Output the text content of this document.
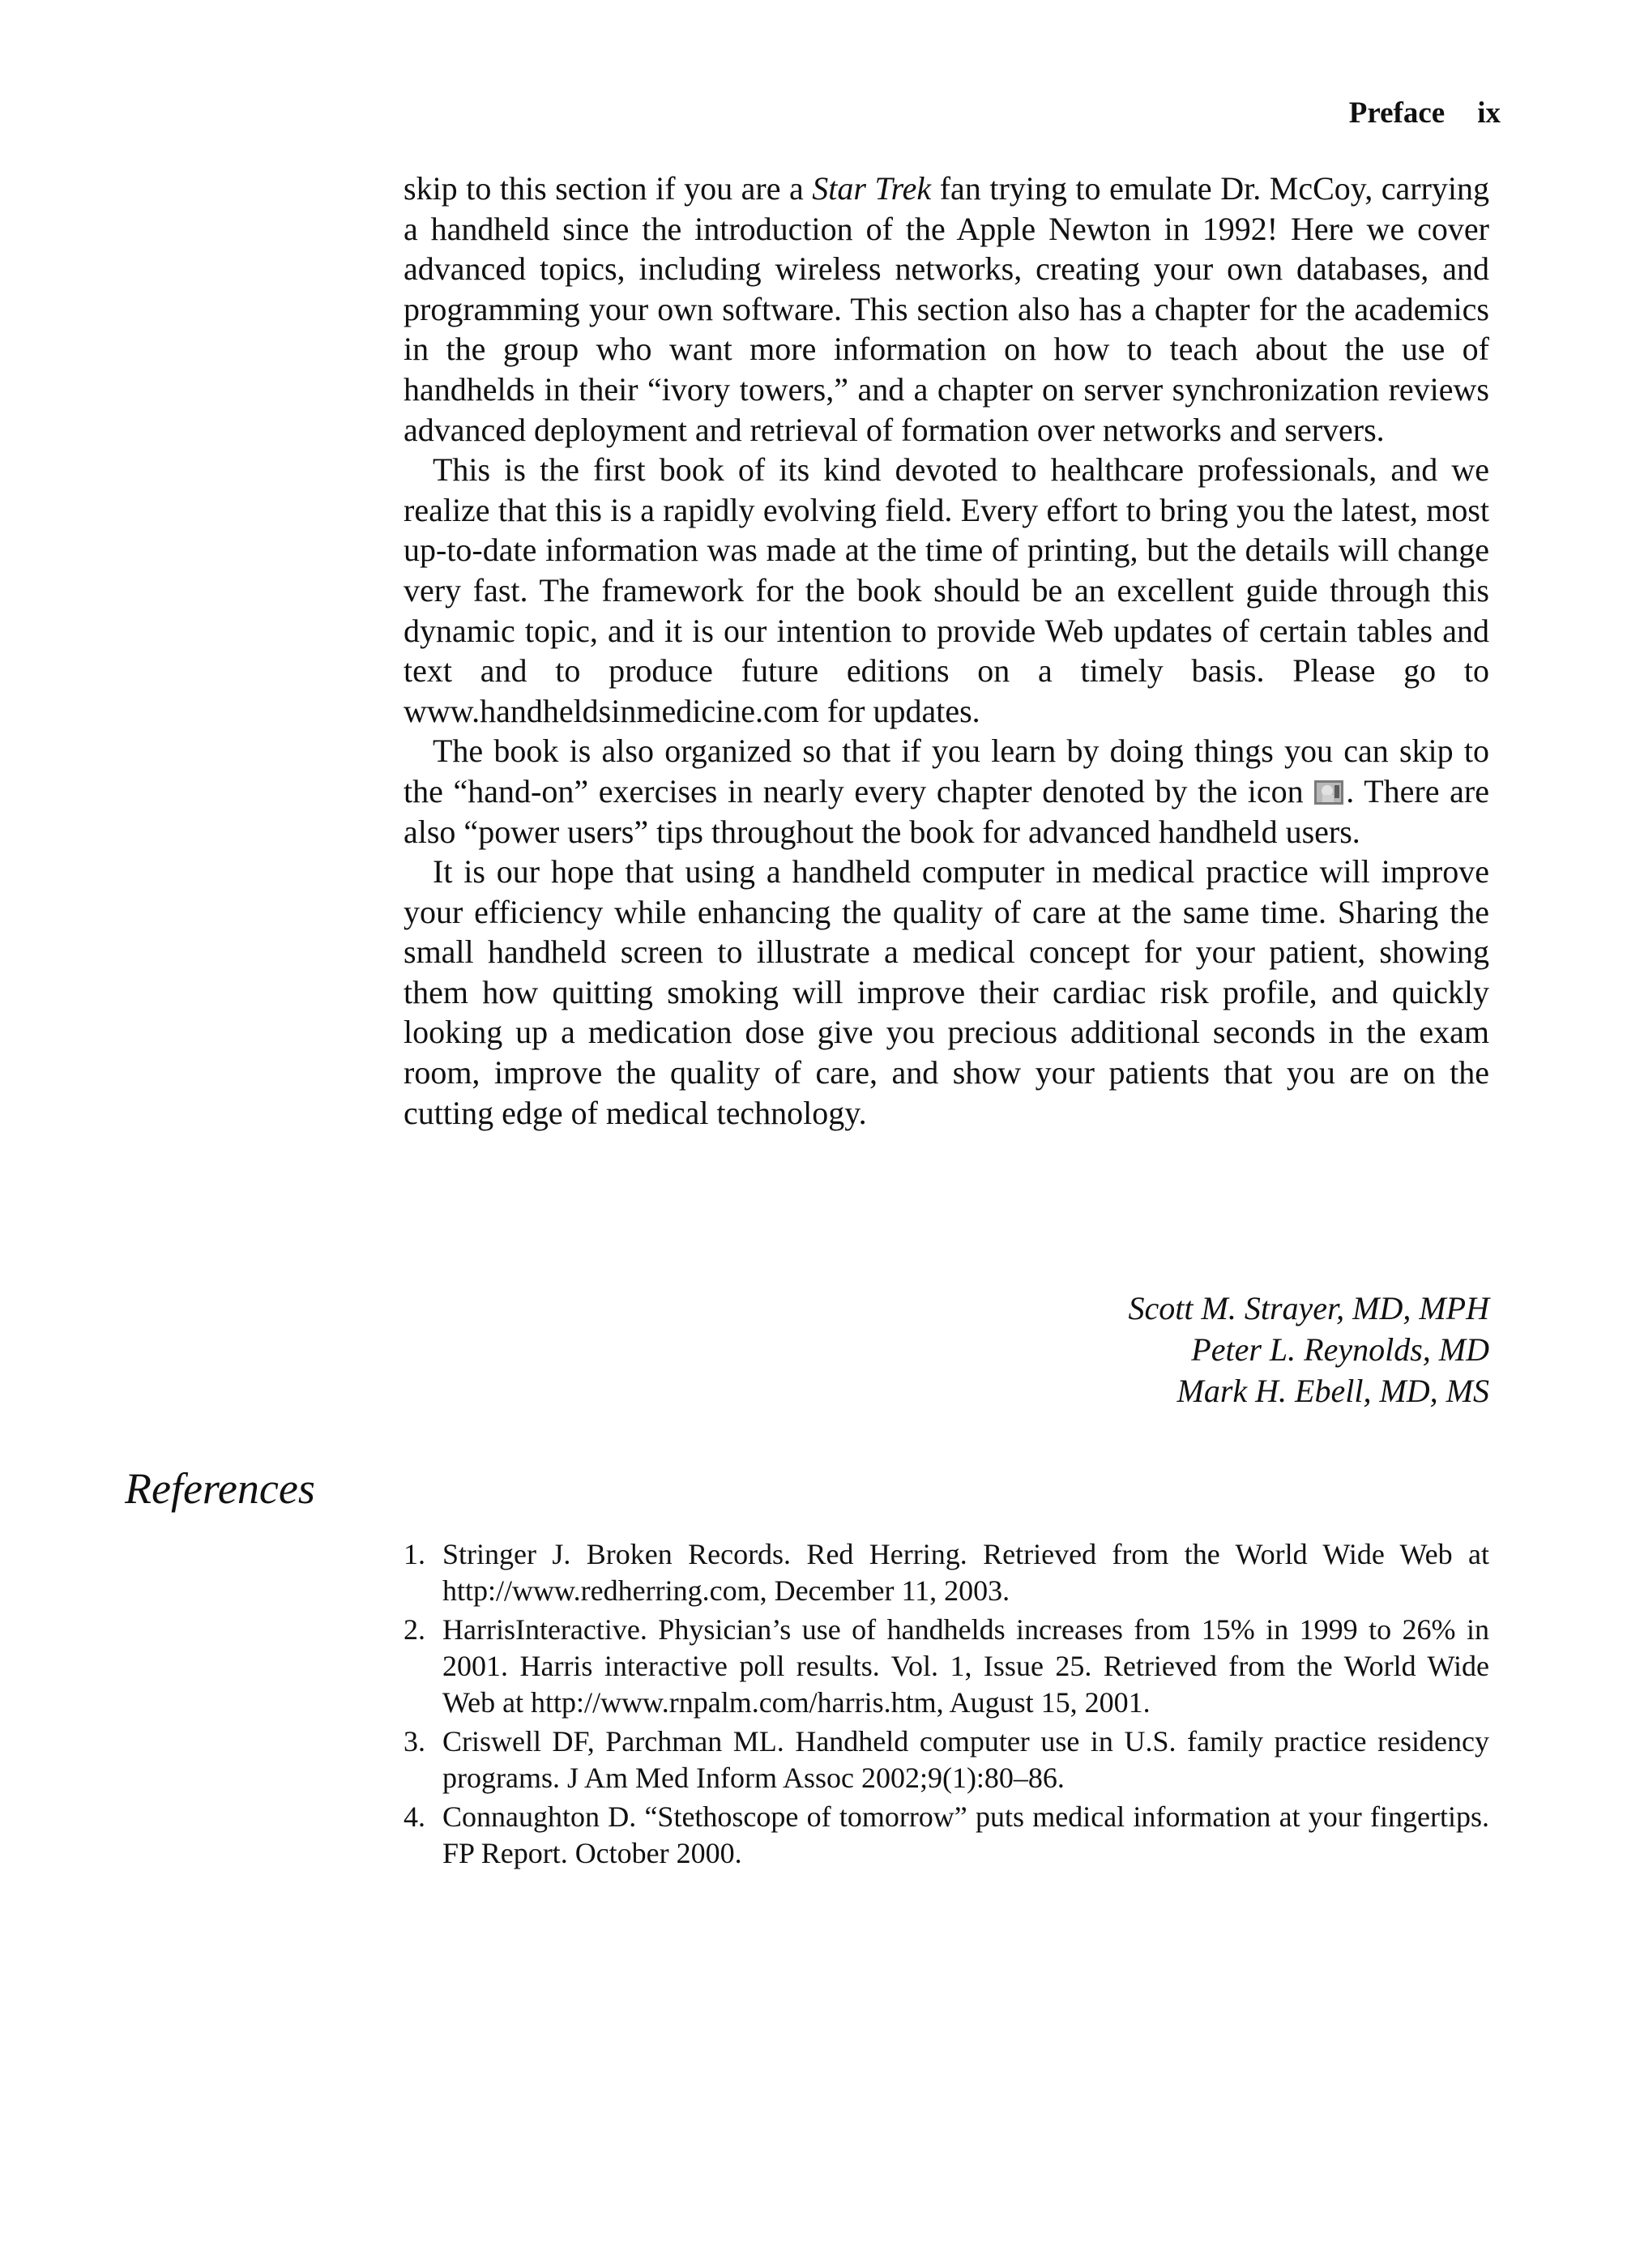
Preface ix

skip to this section if you are a Star Trek fan trying to emulate Dr. McCoy, carrying a handheld since the introduction of the Apple Newton in 1992! Here we cover advanced topics, including wireless networks, creating your own databases, and programming your own software. This section also has a chapter for the academics in the group who want more information on how to teach about the use of handhelds in their “ivory towers,” and a chapter on server synchronization reviews advanced deployment and retrieval of formation over networks and servers.

This is the first book of its kind devoted to healthcare professionals, and we realize that this is a rapidly evolving field. Every effort to bring you the latest, most up-to-date information was made at the time of printing, but the details will change very fast. The framework for the book should be an excellent guide through this dynamic topic, and it is our intention to provide Web updates of certain tables and text and to produce future editions on a timely basis. Please go to www.handheldsinmedicine.com for updates.

The book is also organized so that if you learn by doing things you can skip to the “hand-on” exercises in nearly every chapter denoted by the icon . There are also “power users” tips throughout the book for advanced handheld users.

It is our hope that using a handheld computer in medical practice will improve your efficiency while enhancing the quality of care at the same time. Sharing the small handheld screen to illustrate a medical concept for your patient, showing them how quitting smoking will improve their cardiac risk profile, and quickly looking up a medication dose give you precious additional seconds in the exam room, improve the quality of care, and show your patients that you are on the cutting edge of medical technology.

Scott M. Strayer, MD, MPH
Peter L. Reynolds, MD
Mark H. Ebell, MD, MS
References
1. Stringer J. Broken Records. Red Herring. Retrieved from the World Wide Web at http://www.redherring.com, December 11, 2003.
2. HarrisInteractive. Physician’s use of handhelds increases from 15% in 1999 to 26% in 2001. Harris interactive poll results. Vol. 1, Issue 25. Retrieved from the World Wide Web at http://www.rnpalm.com/harris.htm, August 15, 2001.
3. Criswell DF, Parchman ML. Handheld computer use in U.S. family practice residency programs. J Am Med Inform Assoc 2002;9(1):80–86.
4. Connaughton D. “Stethoscope of tomorrow” puts medical information at your fingertips. FP Report. October 2000.
